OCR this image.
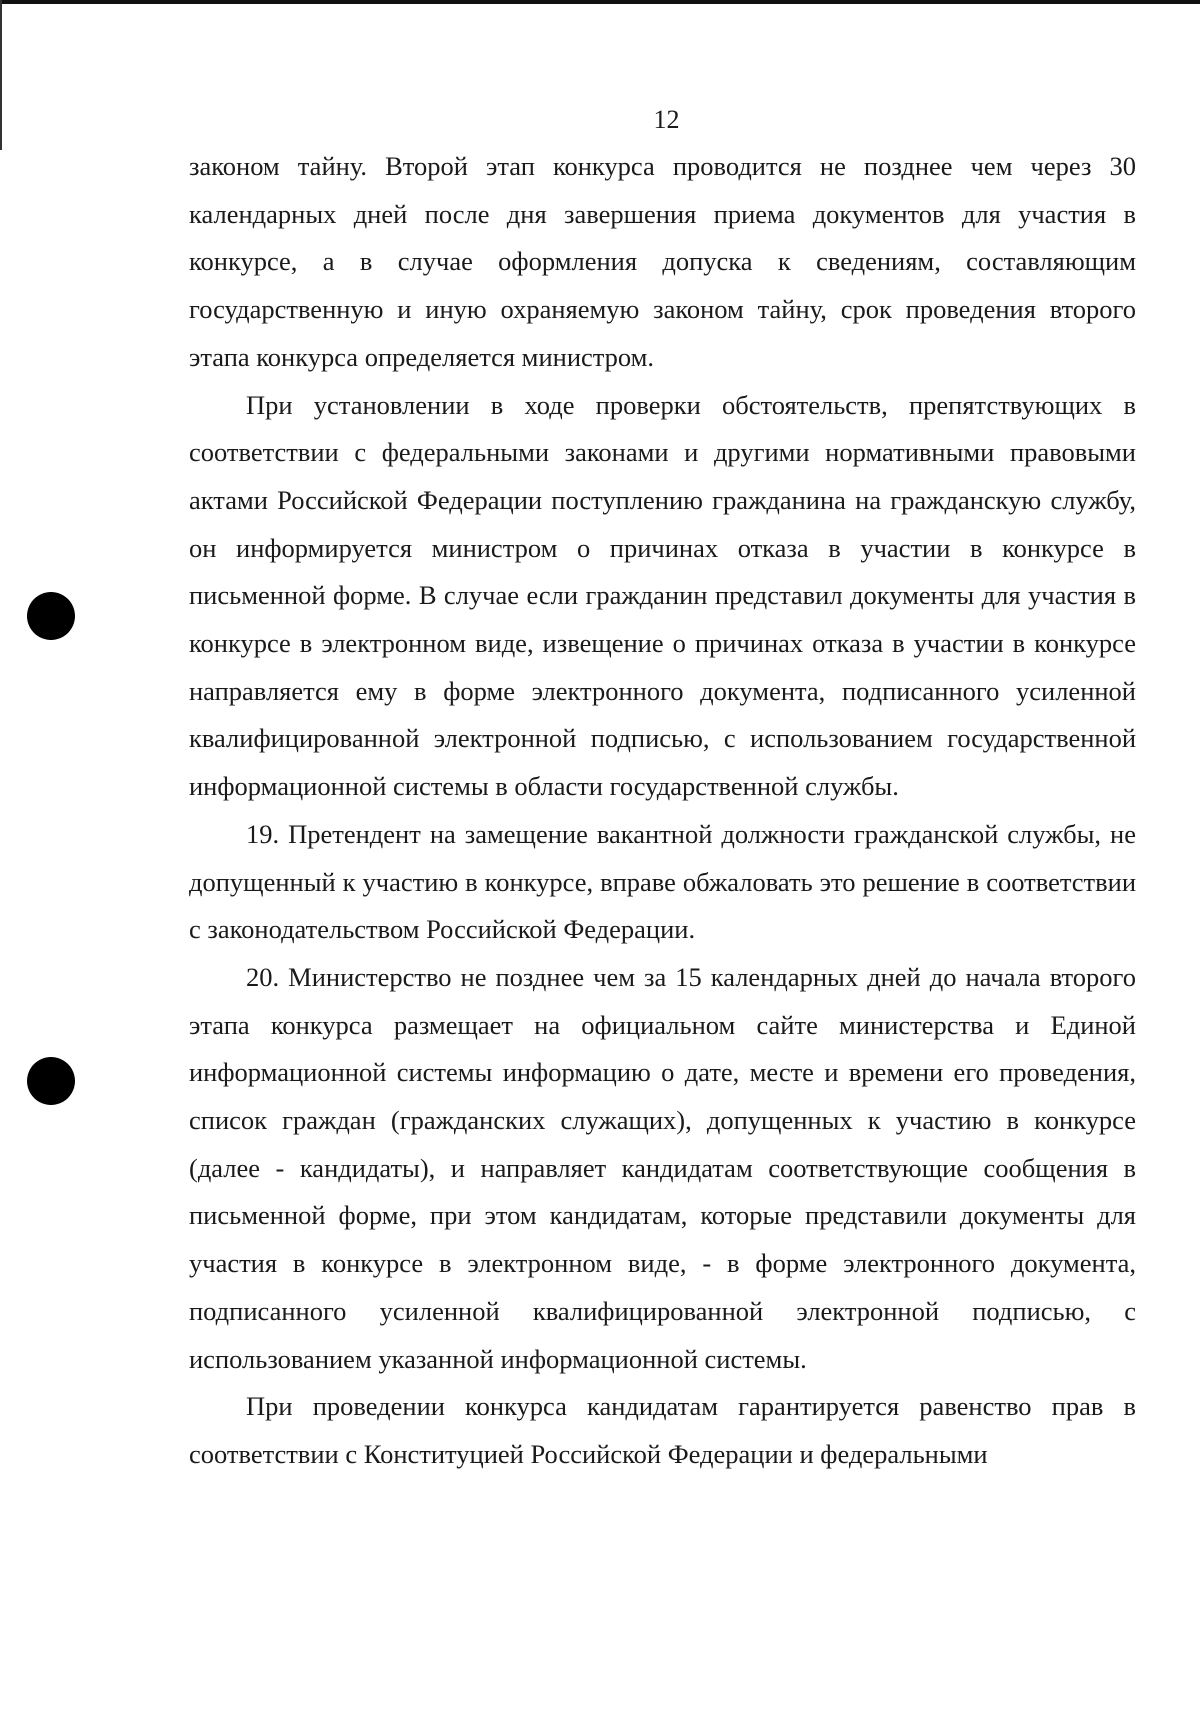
12

законом тайну. Второй этап конкурса проводится не позднее чем через 30 календарных дней после дня завершения приема документов для участия в конкурсе, а в случае оформления допуска к сведениям, составляющим государственную и иную охраняемую законом тайну, срок проведения второго этапа конкурса определяется министром.

При установлении в ходе проверки обстоятельств, препятствующих в соответствии с федеральными законами и другими нормативными правовыми актами Российской Федерации поступлению гражданина на гражданскую службу, он информируется министром о причинах отказа в участии в конкурсе в письменной форме. В случае если гражданин представил документы для участия в конкурсе в электронном виде, извещение о причинах отказа в участии в конкурсе направляется ему в форме электронного документа, подписанного усиленной квалифицированной электронной подписью, с использованием государственной информационной системы в области государственной службы.

19. Претендент на замещение вакантной должности гражданской службы, не допущенный к участию в конкурсе, вправе обжаловать это решение в соответствии с законодательством Российской Федерации.

20. Министерство не позднее чем за 15 календарных дней до начала второго этапа конкурса размещает на официальном сайте министерства и Единой информационной системы информацию о дате, месте и времени его проведения, список граждан (гражданских служащих), допущенных к участию в конкурсе (далее - кандидаты), и направляет кандидатам соответствующие сообщения в письменной форме, при этом кандидатам, которые представили документы для участия в конкурсе в электронном виде, - в форме электронного документа, подписанного усиленной квалифицированной электронной подписью, с использованием указанной информационной системы.

При проведении конкурса кандидатам гарантируется равенство прав в соответствии с Конституцией Российской Федерации и федеральными
